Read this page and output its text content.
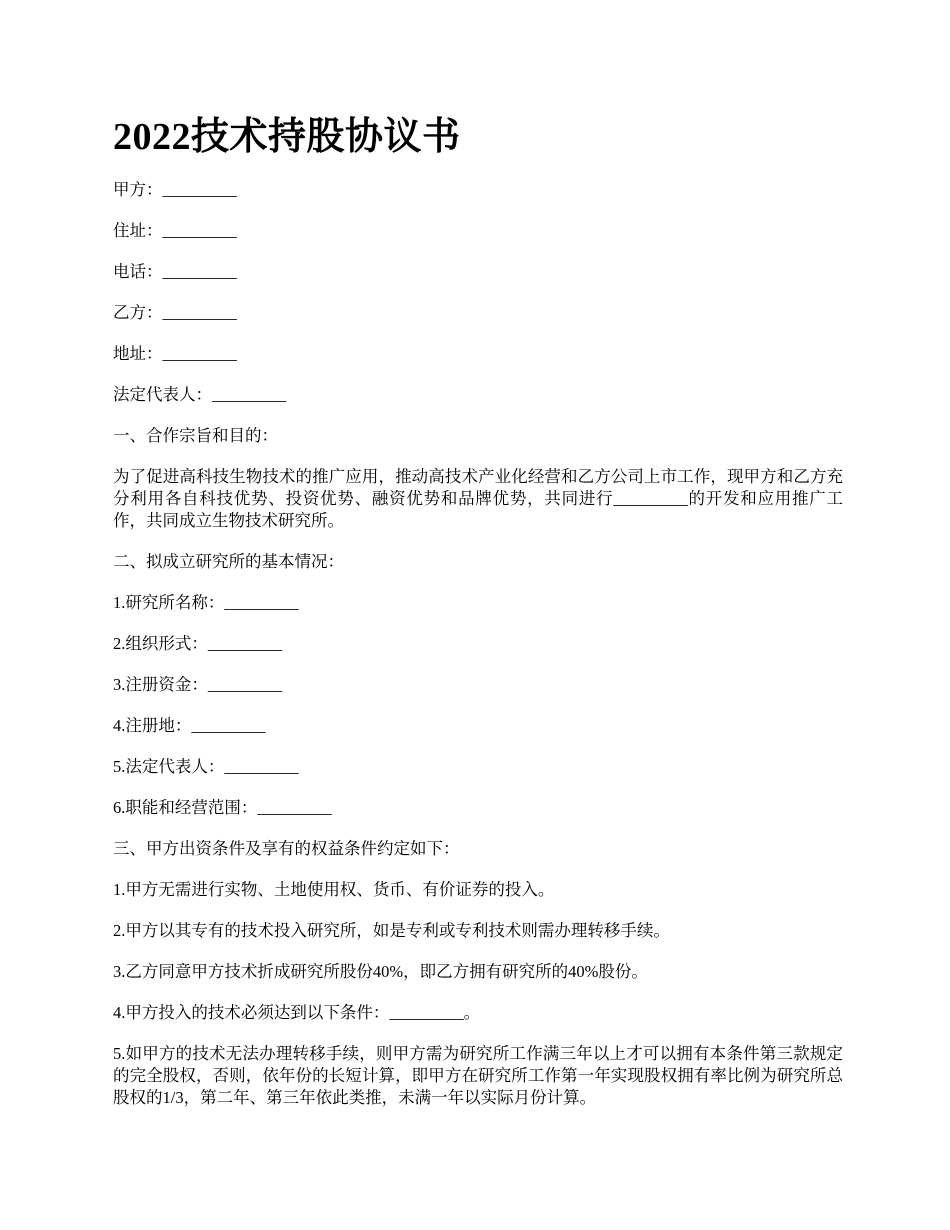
2022技术持股协议书

甲方：_________

住址：_________

电话：_________

乙方：_________

地址：_________

法定代表人：_________

一、合作宗旨和目的：

为了促进高科技生物技术的推广应用，推动高技术产业化经营和乙方公司上市工作，现甲方和乙方充分利用各自科技优势、投资优势、融资优势和品牌优势，共同进行_________的开发和应用推广工作，共同成立生物技术研究所。

二、拟成立研究所的基本情况：

1.研究所名称：_________

2.组织形式：_________

3.注册资金：_________

4.注册地：_________

5.法定代表人：_________

6.职能和经营范围：_________

三、甲方出资条件及享有的权益条件约定如下：

1.甲方无需进行实物、土地使用权、货币、有价证券的投入。

2.甲方以其专有的技术投入研究所，如是专利或专利技术则需办理转移手续。

3.乙方同意甲方技术折成研究所股份40%，即乙方拥有研究所的40%股份。

4.甲方投入的技术必须达到以下条件：_________。

5.如甲方的技术无法办理转移手续，则甲方需为研究所工作满三年以上才可以拥有本条件第三款规定的完全股权，否则，依年份的长短计算，即甲方在研究所工作第一年实现股权拥有率比例为研究所总股权的1/3，第二年、第三年依此类推，未满一年以实际月份计算。
